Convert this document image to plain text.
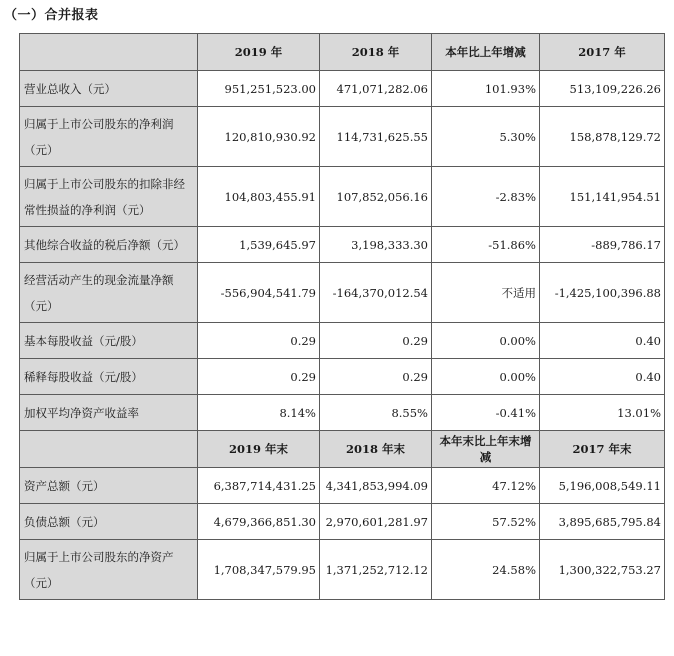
（一）合并报表
	2019 年	2018 年	本年比上年增减	2017 年
营业总收入（元）	951,251,523.00	471,071,282.06	101.93%	513,109,226.26
归属于上市公司股东的净利润（元）	120,810,930.92	114,731,625.55	5.30%	158,878,129.72
归属于上市公司股东的扣除非经常性损益的净利润（元）	104,803,455.91	107,852,056.16	-2.83%	151,141,954.51
其他综合收益的税后净额（元）	1,539,645.97	3,198,333.30	-51.86%	-889,786.17
经营活动产生的现金流量净额（元）	-556,904,541.79	-164,370,012.54	不适用	-1,425,100,396.88
基本每股收益（元/股）	0.29	0.29	0.00%	0.40
稀释每股收益（元/股）	0.29	0.29	0.00%	0.40
加权平均净资产收益率	8.14%	8.55%	-0.41%	13.01%
	2019 年末	2018 年末	本年末比上年末增减	2017 年末
资产总额（元）	6,387,714,431.25	4,341,853,994.09	47.12%	5,196,008,549.11
负债总额（元）	4,679,366,851.30	2,970,601,281.97	57.52%	3,895,685,795.84
归属于上市公司股东的净资产（元）	1,708,347,579.95	1,371,252,712.12	24.58%	1,300,322,753.27
